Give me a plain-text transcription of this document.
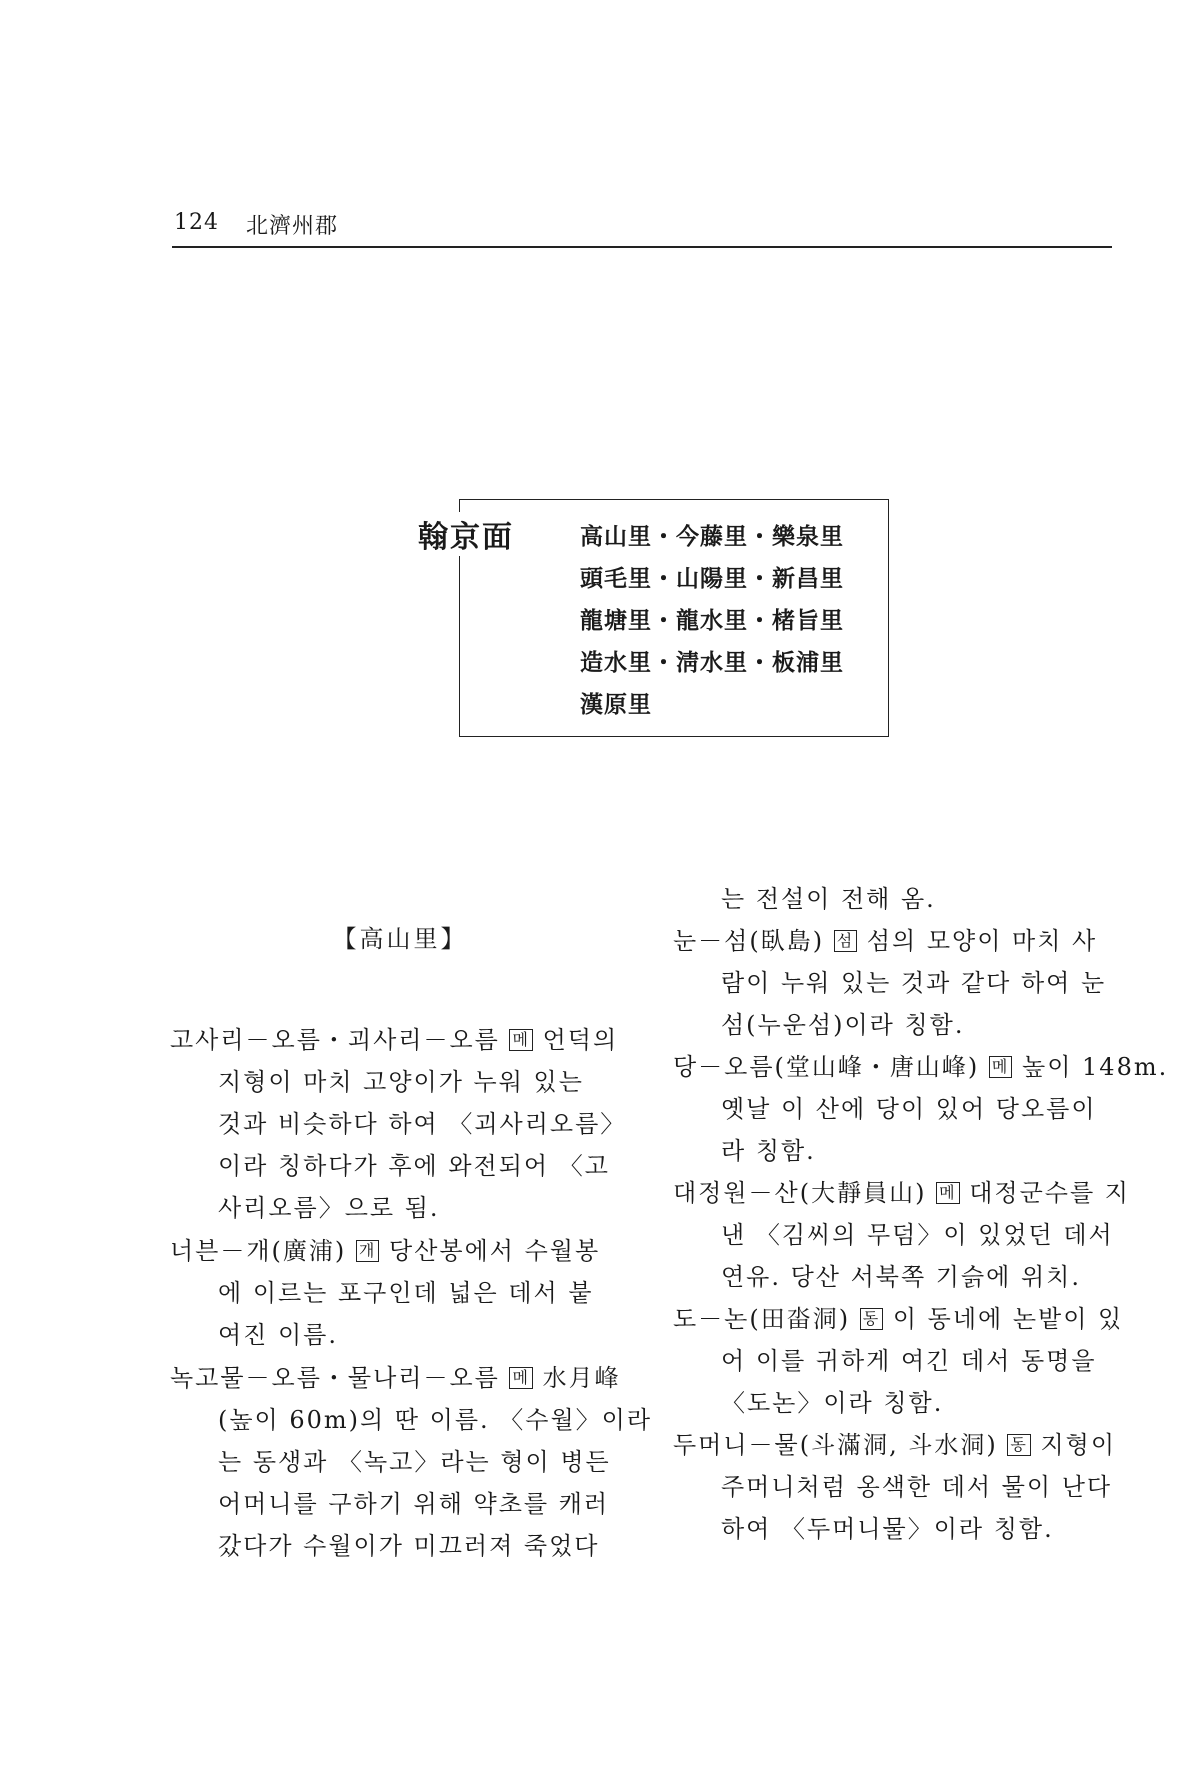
124 北濟州郡
翰京面	高山里・今藤里・樂泉里
頭毛里・山陽里・新昌里
龍塘里・龍水里・楮旨里
造水里・淸水里・板浦里
漢原里
【高山里】
고사리－오름・괴사리－오름 메 언덕의
지형이 마치 고양이가 누워 있는
것과 비슷하다 하여 〈괴사리오름〉
이라 칭하다가 후에 와전되어 〈고
사리오름〉으로 됨.
너븐－개(廣浦) 개 당산봉에서 수월봉
에 이르는 포구인데 넓은 데서 붙
여진 이름.
녹고물－오름・물나리－오름 메 水月峰
(높이 60m)의 딴 이름. 〈수월〉이라
는 동생과 〈녹고〉라는 형이 병든
어머니를 구하기 위해 약초를 캐러
갔다가 수월이가 미끄러져 죽었다
는 전설이 전해 옴.
눈－섬(臥島) 섬 섬의 모양이 마치 사
람이 누워 있는 것과 같다 하여 눈
섬(누운섬)이라 칭함.
당－오름(堂山峰・唐山峰) 메 높이 148m.
옛날 이 산에 당이 있어 당오름이
라 칭함.
대정원－산(大靜員山) 메 대정군수를 지
낸 〈김씨의 무덤〉이 있었던 데서
연유. 당산 서북쪽 기슭에 위치.
도－논(田畓洞) 동 이 동네에 논밭이 있
어 이를 귀하게 여긴 데서 동명을
〈도논〉이라 칭함.
두머니－물(斗滿洞, 斗水洞) 동 지형이
주머니처럼 옹색한 데서 물이 난다
하여 〈두머니물〉이라 칭함.
